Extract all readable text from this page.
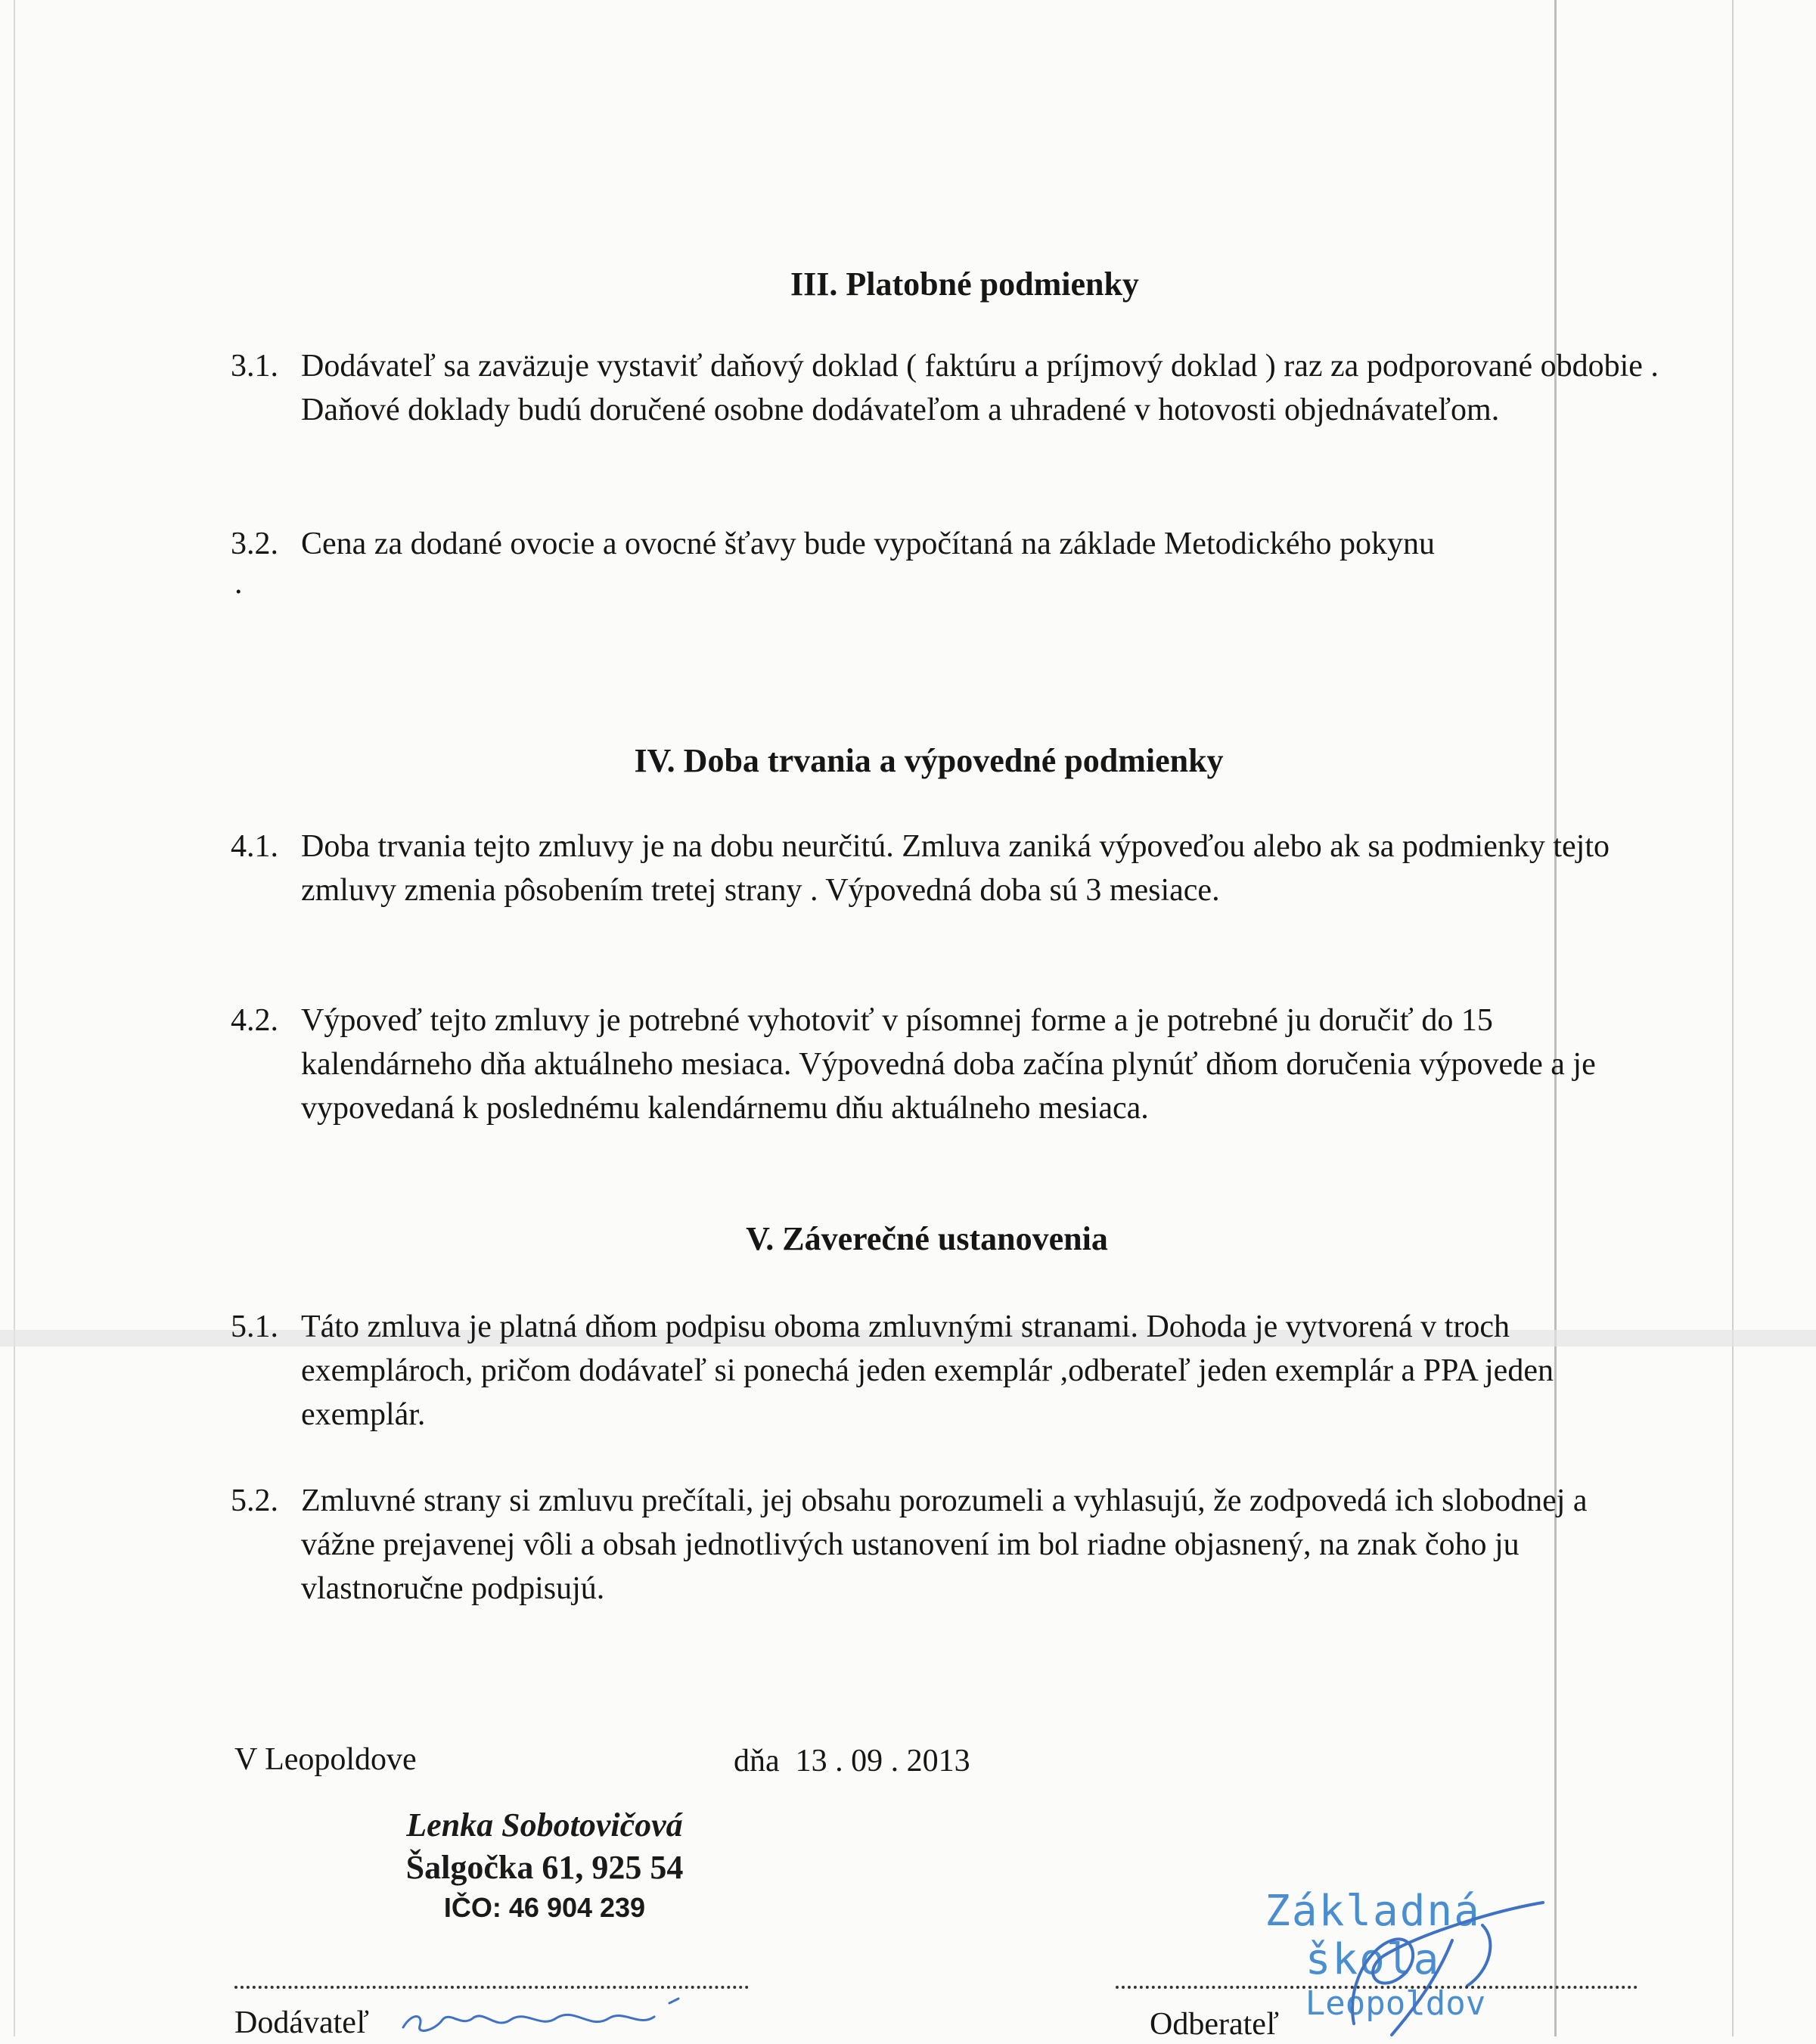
III. Platobné podmienky
3.1. Dodávateľ sa zaväzuje vystaviť daňový doklad ( faktúru a príjmový doklad ) raz za podporované obdobie . Daňové doklady budú doručené osobne dodávateľom a uhradené v hotovosti objednávateľom.
3.2. Cena za dodané ovocie a ovocné šťavy bude vypočítaná na základe Metodického pokynu
.
IV. Doba trvania a výpovedné podmienky
4.1. Doba trvania tejto zmluvy je na dobu neurčitú. Zmluva zaniká výpoveďou alebo ak sa podmienky tejto zmluvy zmenia pôsobením tretej strany . Výpovedná doba sú 3 mesiace.
4.2. Výpoveď tejto zmluvy je potrebné vyhotoviť v písomnej forme a je potrebné ju doručiť do 15 kalendárneho dňa aktuálneho mesiaca. Výpovedná doba začína plynúť dňom doručenia výpovede a je vypovedaná k poslednému kalendárnemu dňu aktuálneho mesiaca.
V. Záverečné ustanovenia
5.1. Táto zmluva je platná dňom podpisu oboma zmluvnými stranami. Dohoda je vytvorená v troch exemplároch, pričom dodávateľ si ponechá jeden exemplár ,odberateľ jeden exemplár a PPA jeden exemplár.
5.2. Zmluvné strany si zmluvu prečítali, jej obsahu porozumeli a vyhlasujú, že zodpovedá ich slobodnej a vážne prejavenej vôli a obsah jednotlivých ustanovení im bol riadne objasnený, na znak čoho ju vlastnoručne podpisujú.
V Leopoldove	dňa 13 . 09 . 2013
Lenka Sobotovičová
Šalgočka 61, 925 54
IČO: 46 904 239	Základná škola
Leopoldov
Dodávateľ	Odberateľ
